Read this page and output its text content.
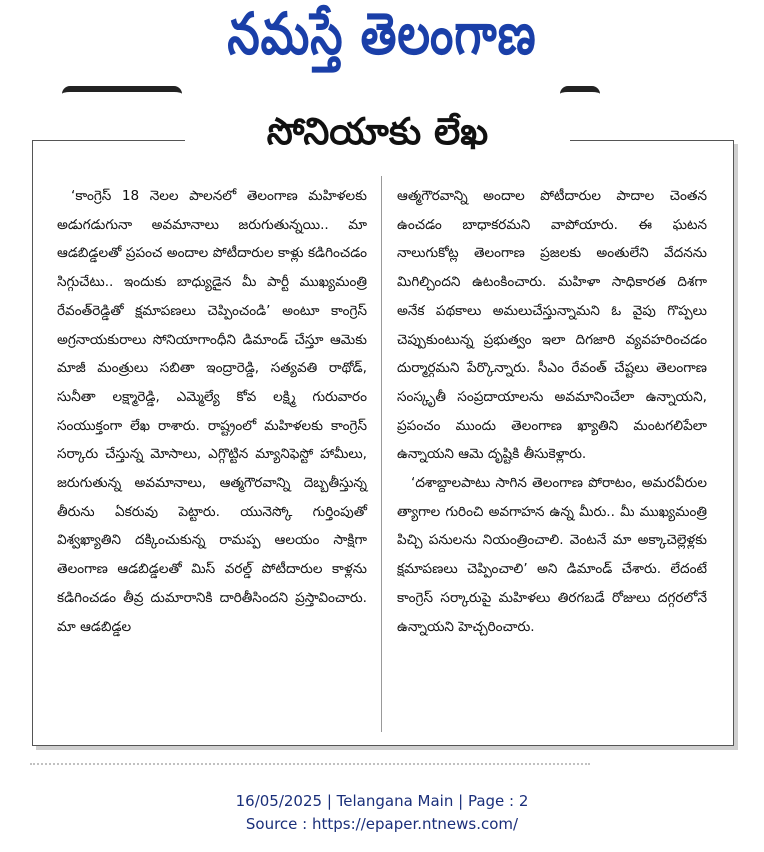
నమస్తే తెలంగాణ
సోనియాకు లేఖ

‘కాంగ్రెస్ 18 నెలల పాలనలో తెలంగాణ మహిళలకు అడుగడుగునా అవమానాలు జరుగుతున్నయి.. మా ఆడబిడ్డలతో ప్రపంచ అందాల పోటీదారుల కాళ్లు కడిగించడం సిగ్గుచేటు.. ఇందుకు బాధ్యుడైన మీ పార్టీ ముఖ్యమంత్రి రేవంత్‌రెడ్డితో క్షమాపణలు చెప్పించండి’ అంటూ కాంగ్రెస్ అగ్రనాయకురాలు సోనియాగాంధీని డిమాండ్ చేస్తూ ఆమెకు మాజీ మంత్రులు సబితా ఇంద్రారెడ్డి, సత్యవతి రాథోడ్, సునీతా లక్ష్మారెడ్డి, ఎమ్మెల్యే కోవ లక్ష్మి గురువారం సంయుక్తంగా లేఖ రాశారు. రాష్ట్రంలో మహిళలకు కాంగ్రెస్ సర్కారు చేస్తున్న మోసాలు, ఎగ్గొట్టిన మ్యానిఫెస్టో హామీలు, జరుగుతున్న అవమానాలు, ఆత్మగౌరవాన్ని దెబ్బతీస్తున్న తీరును ఏకరువు పెట్టారు. యునెస్కో గుర్తింపుతో విశ్వఖ్యాతిని దక్కించుకున్న రామప్ప ఆలయం సాక్షిగా తెలంగాణ ఆడబిడ్డలతో మిస్ వరల్డ్ పోటీదారుల కాళ్లను కడిగించడం తీవ్ర దుమారానికి దారితీసిందని ప్రస్తావించారు. మా ఆడబిడ్డల

ఆత్మగౌరవాన్ని అందాల పోటీదారుల పాదాల చెంతన ఉంచడం బాధాకరమని వాపోయారు. ఈ ఘటన నాలుగుకోట్ల తెలంగాణ ప్రజలకు అంతులేని వేదనను మిగిల్చిందని ఉటంకించారు. మహిళా సాధికారత దిశగా అనేక పథకాలు అమలుచేస్తున్నామని ఓ వైపు గొప్పలు చెప్పుకుంటున్న ప్రభుత్వం ఇలా దిగజారి వ్యవహరించడం దుర్మార్గమని పేర్కొన్నారు. సీఎం రేవంత్ చేష్టలు తెలంగాణ సంస్కృతీ సంప్రదాయాలను అవమానించేలా ఉన్నాయని, ప్రపంచం ముందు తెలంగాణ ఖ్యాతిని మంటగలిపేలా ఉన్నాయని ఆమె దృష్టికి తీసుకెళ్లారు.

‘దశాబ్దాలపాటు సాగిన తెలంగాణ పోరాటం, అమరవీరుల త్యాగాల గురించి అవగాహన ఉన్న మీరు.. మీ ముఖ్యమంత్రి పిచ్చి పనులను నియంత్రించాలి. వెంటనే మా అక్కాచెల్లెళ్లకు క్షమాపణలు చెప్పించాలి’ అని డిమాండ్ చేశారు. లేదంటే కాంగ్రెస్ సర్కారుపై మహిళలు తిరగబడే రోజులు దగ్గరలోనే ఉన్నాయని హెచ్చరించారు.

16/05/2025 | Telangana Main | Page : 2
Source : https://epaper.ntnews.com/
